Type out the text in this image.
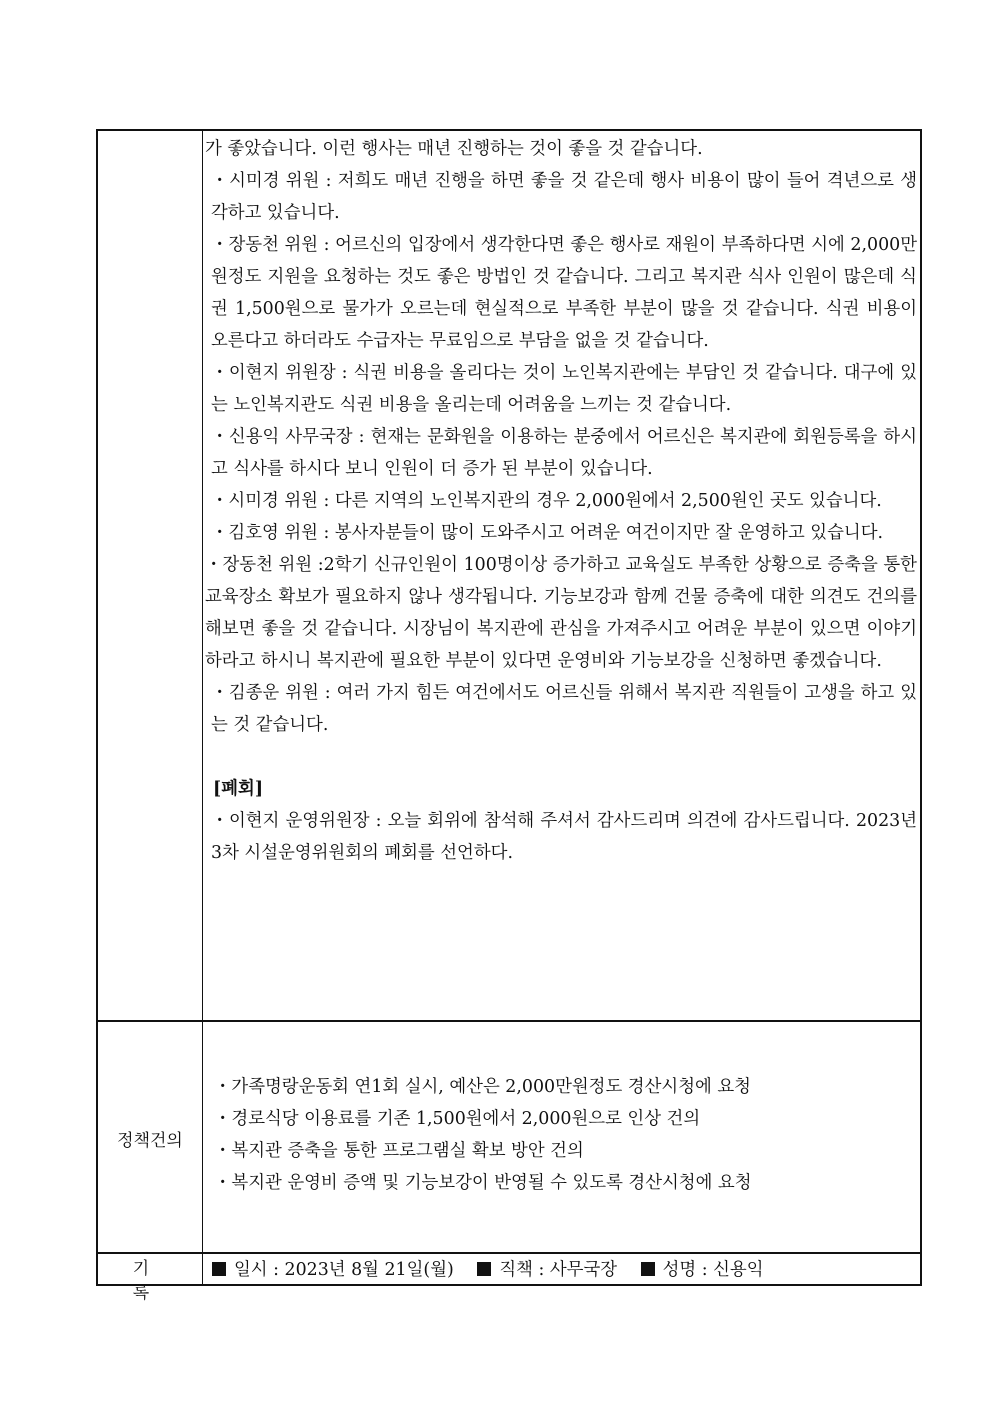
가 좋았습니다. 이런 행사는 매년 진행하는 것이 좋을 것 같습니다.
・시미경 위원 : 저희도 매년 진행을 하면 좋을 것 같은데 행사 비용이 많이 들어 격년으로 생각하고 있습니다.
・장동천 위원 : 어르신의 입장에서 생각한다면 좋은 행사로 재원이 부족하다면 시에 2,000만원정도 지원을 요청하는 것도 좋은 방법인 것 같습니다. 그리고 복지관 식사 인원이 많은데 식권 1,500원으로 물가가 오르는데 현실적으로 부족한 부분이 많을 것 같습니다. 식권 비용이 오른다고 하더라도 수급자는 무료임으로 부담을 없을 것 같습니다.
・이현지 위원장 : 식권 비용을 올리다는 것이 노인복지관에는 부담인 것 같습니다. 대구에 있는 노인복지관도 식권 비용을 올리는데 어려움을 느끼는 것 같습니다.
・신용익 사무국장 : 현재는 문화원을 이용하는 분중에서 어르신은 복지관에 회원등록을 하시고 식사를 하시다 보니 인원이 더 증가 된 부분이 있습니다.
・시미경 위원 : 다른 지역의 노인복지관의 경우 2,000원에서 2,500원인 곳도 있습니다.
・김호영 위원 : 봉사자분들이 많이 도와주시고 어려운 여건이지만 잘 운영하고 있습니다.
・장동천 위원 :2학기 신규인원이 100명이상 증가하고 교육실도 부족한 상황으로 증축을 통한 교육장소 확보가 필요하지 않나 생각됩니다. 기능보강과 함께 건물 증축에 대한 의견도 건의를 해보면 좋을 것 같습니다. 시장님이 복지관에 관심을 가져주시고 어려운 부분이 있으면 이야기하라고 하시니 복지관에 필요한 부분이 있다면 운영비와 기능보강을 신청하면 좋겠습니다.
・김종운 위원 : 여러 가지 힘든 여건에서도 어르신들 위해서 복지관 직원들이 고생을 하고 있는 것 같습니다.
[폐회]
・이현지 운영위원장 : 오늘 회위에 참석해 주셔서 감사드리며 의견에 감사드립니다. 2023년 3차 시설운영위원회의 폐회를 선언하다.
정책건의
・가족명랑운동회 연1회 실시, 예산은 2,000만원정도 경산시청에 요청
・경로식당 이용료를 기존 1,500원에서 2,000원으로 인상 건의
・복지관 증축을 통한 프로그램실 확보 방안 건의
・복지관 운영비 증액 및 기능보강이 반영될 수 있도록 경산시청에 요청
기록
일시 : 2023년 8월 21일(월)	직책 : 사무국장	성명 : 신용익
